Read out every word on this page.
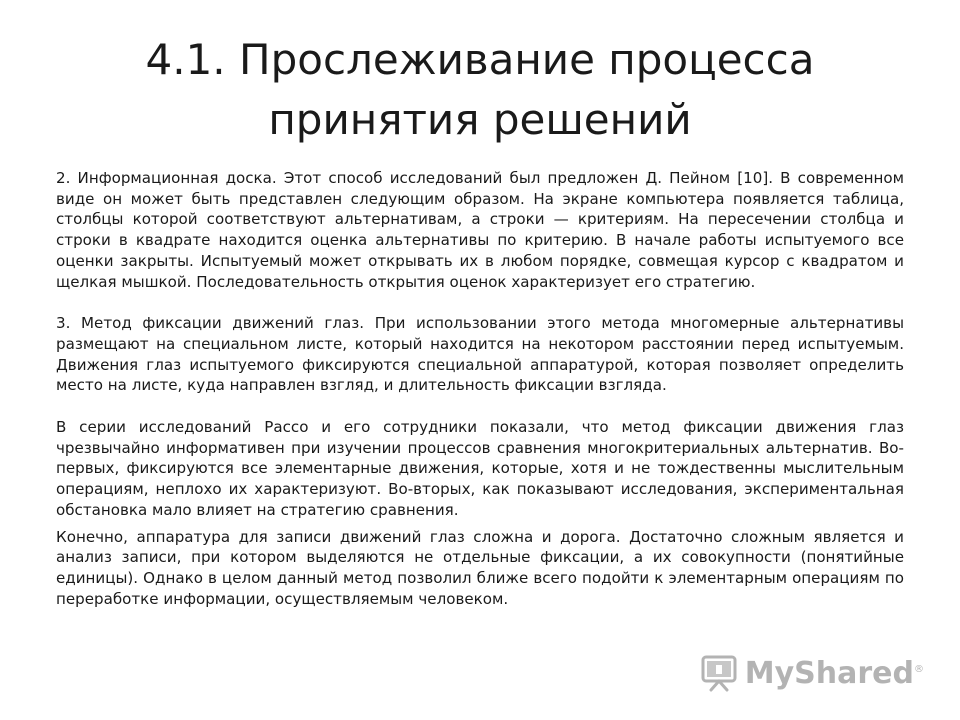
4.1. Прослеживание процесса
принятия решений

2. Информационная доска. Этот способ исследований был предложен Д. Пейном [10]. В современном виде он может быть представлен следующим образом. На экране компьютера появляется таблица, столбцы которой соответствуют альтернативам, а строки — критериям. На пересечении столбца и строки в квадрате находится оценка альтернативы по критерию. В начале работы испытуемого все оценки закрыты. Испытуемый может открывать их в любом порядке, совмещая курсор с квадратом и щелкая мышкой. Последовательность открытия оценок характеризует его стратегию.

3. Метод фиксации движений глаз. При использовании этого метода многомерные альтернативы размещают на специальном листе, который находится на некотором расстоянии перед испытуемым. Движения глаз испытуемого фиксируются специальной аппаратурой, которая позволяет определить место на листе, куда направлен взгляд, и длительность фиксации взгляда.

В серии исследований Рассо и его сотрудники показали, что метод фиксации движения глаз чрезвычайно информативен при изучении процессов сравнения многокритериальных альтернатив. Во-первых, фиксируются все элементарные движения, которые, хотя и не тождественны мыслительным операциям, неплохо их характеризуют. Во-вторых, как показывают исследования, экспериментальная обстановка мало влияет на стратегию сравнения.

Конечно, аппаратура для записи движений глаз сложна и дорога. Достаточно сложным является и анализ записи, при котором выделяются не отдельные фиксации, а их совокупности (понятийные единицы). Однако в целом данный метод позволил ближе всего подойти к элементарным операциям по переработке информации, осуществляемым человеком.

MyShared®
